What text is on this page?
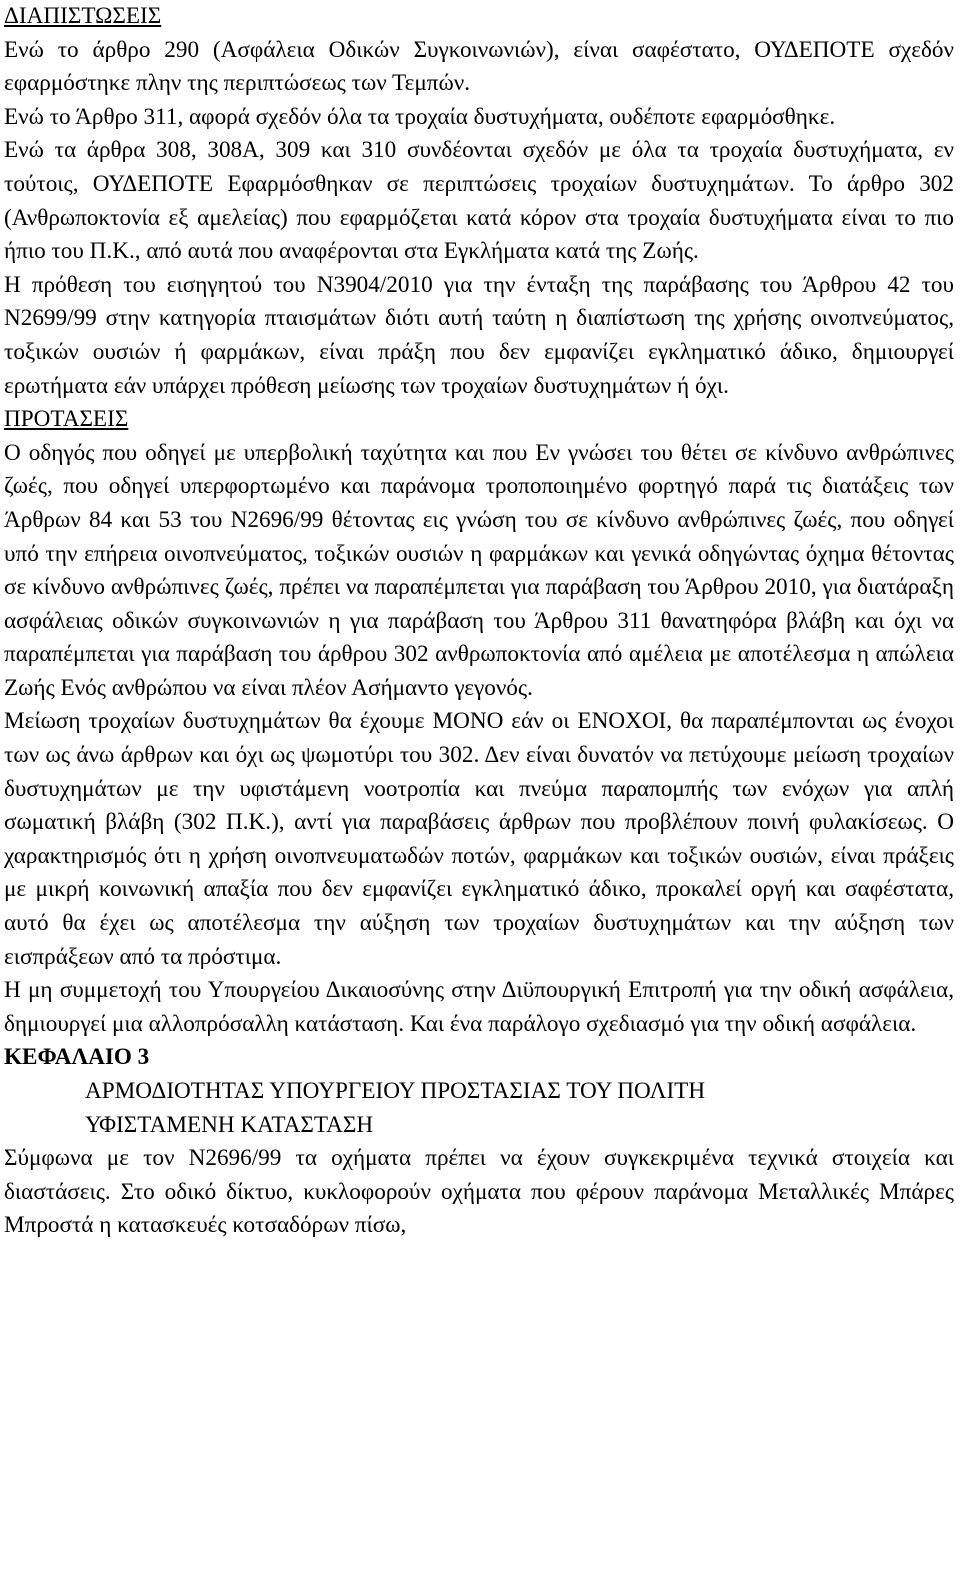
ΔΙΑΠΙΣΤΩΣΕΙΣ

Ενώ το άρθρο 290 (Ασφάλεια Οδικών Συγκοινωνιών), είναι σαφέστατο, ΟΥΔΕΠΟΤΕ σχεδόν εφαρμόστηκε πλην της περιπτώσεως των Τεμπών.

Ενώ το Άρθρο 311, αφορά σχεδόν όλα τα τροχαία δυστυχήματα, ουδέποτε εφαρμόσθηκε.

Ενώ τα άρθρα 308, 308Α, 309 και 310 συνδέονται σχεδόν με όλα τα τροχαία δυστυχήματα, εν τούτοις, ΟΥΔΕΠΟΤΕ Εφαρμόσθηκαν σε περιπτώσεις τροχαίων δυστυχημάτων. Το άρθρο 302 (Ανθρωποκτονία εξ αμελείας) που εφαρμόζεται κατά κόρον στα τροχαία δυστυχήματα είναι το πιο ήπιο του Π.Κ., από αυτά που αναφέρονται στα Εγκλήματα κατά της Ζωής.

Η πρόθεση του εισηγητού του Ν3904/2010 για την ένταξη της παράβασης του Άρθρου 42 του Ν2699/99 στην κατηγορία πταισμάτων διότι αυτή ταύτη η διαπίστωση της χρήσης οινοπνεύματος, τοξικών ουσιών ή φαρμάκων, είναι πράξη που δεν εμφανίζει εγκληματικό άδικο, δημιουργεί ερωτήματα εάν υπάρχει πρόθεση μείωσης των τροχαίων δυστυχημάτων ή όχι.

ΠΡΟΤΑΣΕΙΣ

Ο οδηγός που οδηγεί με υπερβολική ταχύτητα και που Εν γνώσει του θέτει σε κίνδυνο ανθρώπινες ζωές, που οδηγεί υπερφορτωμένο και παράνομα τροποποιημένο φορτηγό παρά τις διατάξεις των Άρθρων 84 και 53 του Ν2696/99 θέτοντας εις γνώση του σε κίνδυνο ανθρώπινες ζωές, που οδηγεί υπό την επήρεια οινοπνεύματος, τοξικών ουσιών η φαρμάκων και γενικά οδηγώντας όχημα θέτοντας σε κίνδυνο ανθρώπινες ζωές, πρέπει να παραπέμπεται για παράβαση του Άρθρου 2010, για διατάραξη ασφάλειας οδικών συγκοινωνιών η για παράβαση του Άρθρου 311 θανατηφόρα βλάβη και όχι να παραπέμπεται για παράβαση του άρθρου 302 ανθρωποκτονία από αμέλεια με αποτέλεσμα η απώλεια Ζωής Ενός ανθρώπου να είναι πλέον Ασήμαντο γεγονός.

Μείωση τροχαίων δυστυχημάτων θα έχουμε ΜΟΝΟ εάν οι ΕΝΟΧΟΙ, θα παραπέμπονται ως ένοχοι των ως άνω άρθρων και όχι ως ψωμοτύρι του 302. Δεν είναι δυνατόν να πετύχουμε μείωση τροχαίων δυστυχημάτων με την υφιστάμενη νοοτροπία και πνεύμα παραπομπής των ενόχων για απλή σωματική βλάβη (302 Π.Κ.), αντί για παραβάσεις άρθρων που προβλέπουν ποινή φυλακίσεως. Ο χαρακτηρισμός ότι η χρήση οινοπνευματωδών ποτών, φαρμάκων και τοξικών ουσιών, είναι πράξεις με μικρή κοινωνική απαξία που δεν εμφανίζει εγκληματικό άδικο, προκαλεί οργή και σαφέστατα, αυτό θα έχει ως αποτέλεσμα την αύξηση των τροχαίων δυστυχημάτων και την αύξηση των εισπράξεων από τα πρόστιμα.

Η μη συμμετοχή του Υπουργείου Δικαιοσύνης στην Διϋπουργική Επιτροπή για την οδική ασφάλεια, δημιουργεί μια αλλοπρόσαλλη κατάσταση. Και ένα παράλογο σχεδιασμό για την οδική ασφάλεια.

ΚΕΦΑΛΑΙΟ 3
ΑΡΜΟΔΙΟΤΗΤΑΣ ΥΠΟΥΡΓΕΙΟΥ ΠΡΟΣΤΑΣΙΑΣ ΤΟΥ ΠΟΛΙΤΗ
ΥΦΙΣΤΑΜΕΝΗ ΚΑΤΑΣΤΑΣΗ

Σύμφωνα με τον Ν2696/99 τα οχήματα πρέπει να έχουν συγκεκριμένα τεχνικά στοιχεία και διαστάσεις. Στο οδικό δίκτυο, κυκλοφορούν οχήματα που φέρουν παράνομα Μεταλλικές Μπάρες Μπροστά η κατασκευές κοτσαδόρων πίσω,
